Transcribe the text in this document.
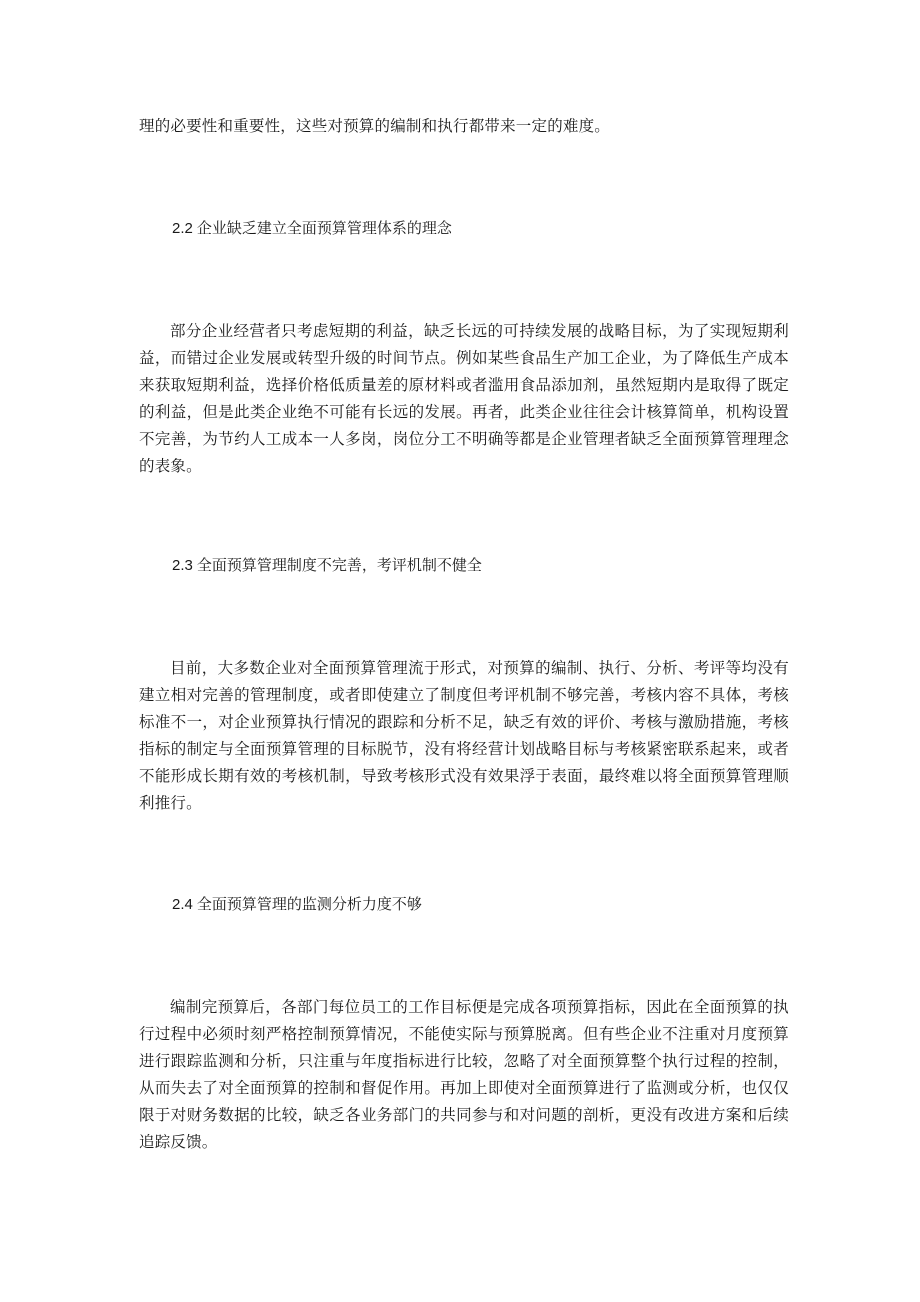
理的必要性和重要性，这些对预算的编制和执行都带来一定的难度。

2.2 企业缺乏建立全面预算管理体系的理念

部分企业经营者只考虑短期的利益，缺乏长远的可持续发展的战略目标，为了实现短期利益，而错过企业发展或转型升级的时间节点。例如某些食品生产加工企业，为了降低生产成本来获取短期利益，选择价格低质量差的原材料或者滥用食品添加剂，虽然短期内是取得了既定的利益，但是此类企业绝不可能有长远的发展。再者，此类企业往往会计核算简单，机构设置不完善，为节约人工成本一人多岗，岗位分工不明确等都是企业管理者缺乏全面预算管理理念的表象。

2.3 全面预算管理制度不完善，考评机制不健全

目前，大多数企业对全面预算管理流于形式，对预算的编制、执行、分析、考评等均没有建立相对完善的管理制度，或者即使建立了制度但考评机制不够完善，考核内容不具体，考核标准不一，对企业预算执行情况的跟踪和分析不足，缺乏有效的评价、考核与激励措施，考核指标的制定与全面预算管理的目标脱节，没有将经营计划战略目标与考核紧密联系起来，或者不能形成长期有效的考核机制，导致考核形式没有效果浮于表面，最终难以将全面预算管理顺利推行。

2.4 全面预算管理的监测分析力度不够

编制完预算后，各部门每位员工的工作目标便是完成各项预算指标，因此在全面预算的执行过程中必须时刻严格控制预算情况，不能使实际与预算脱离。但有些企业不注重对月度预算进行跟踪监测和分析，只注重与年度指标进行比较，忽略了对全面预算整个执行过程的控制，从而失去了对全面预算的控制和督促作用。再加上即使对全面预算进行了监测或分析，也仅仅限于对财务数据的比较，缺乏各业务部门的共同参与和对问题的剖析，更没有改进方案和后续追踪反馈。
